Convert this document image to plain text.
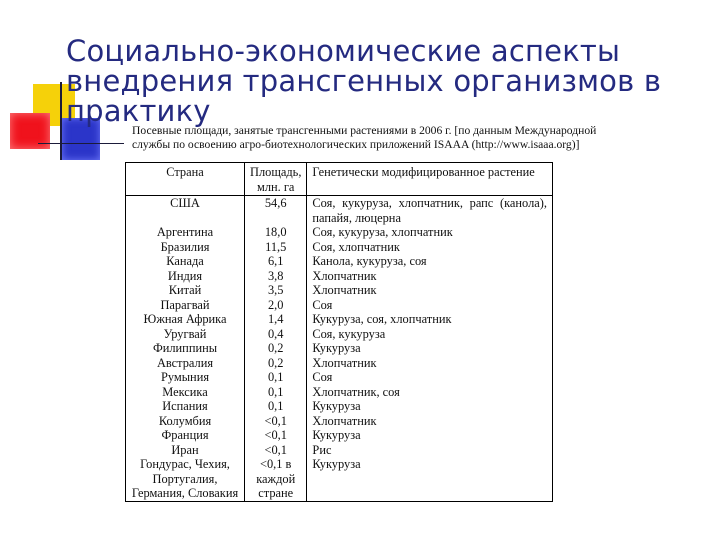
Социально-экономические аспекты внедрения трансгенных организмов в практику
Посевные площади, занятые трансгенными растениями в 2006 г. [по данным Международной службы по освоению агро-биотехнологических приложений ISAAA (http://www.isaaa.org)]
Страна	Площадь, млн. га	Генетически модифицированное растение
США	54,6	Соя, кукуруза, хлопчатник, рапс (канола), папайя, люцерна
Аргентина	18,0	Соя, кукуруза, хлопчатник
Бразилия	11,5	Соя, хлопчатник
Канада	6,1	Канола, кукуруза, соя
Индия	3,8	Хлопчатник
Китай	3,5	Хлопчатник
Парагвай	2,0	Соя
Южная Африка	1,4	Кукуруза, соя, хлопчатник
Уругвай	0,4	Соя, кукуруза
Филиппины	0,2	Кукуруза
Австралия	0,2	Хлопчатник
Румыния	0,1	Соя
Мексика	0,1	Хлопчатник, соя
Испания	0,1	Кукуруза
Колумбия	<0,1	Хлопчатник
Франция	<0,1	Кукуруза
Иран	<0,1	Рис
Гондурас, Чехия, Португалия, Германия, Словакия	<0,1 в каждой стране	Кукуруза
